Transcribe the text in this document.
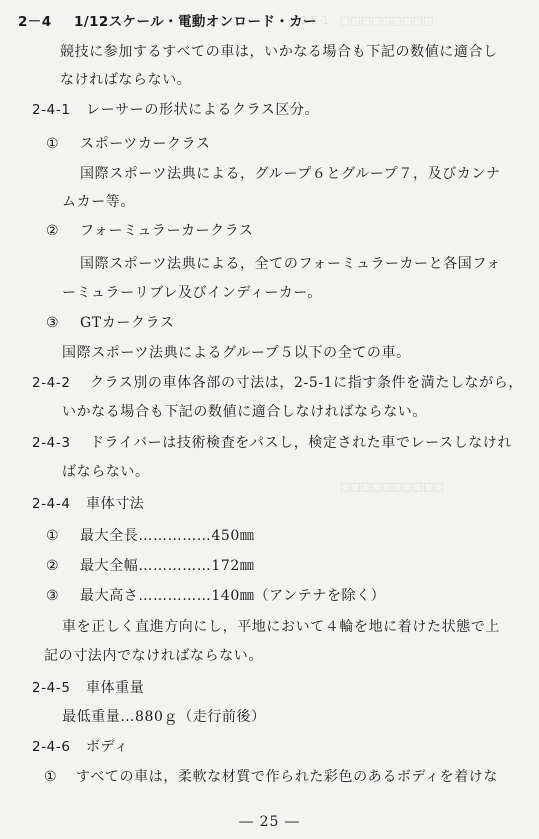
2-5-1　□□□□□□□□□
□□□□□□□□□□
2－4 1/12スケール・電動オンロード・カー
競技に参加するすべての車は，いかなる場合も下記の数値に適合し
なければならない。
2-4-1 レーサーの形状によるクラス区分。
① スポーツカークラス
国際スポーツ法典による，グループ６とグループ７，及びカンナ
ムカー等。
② フォーミュラーカークラス
国際スポーツ法典による，全てのフォーミュラーカーと各国フォ
ーミュラーリブレ及びインディーカー。
③ GTカークラス
国際スポーツ法典によるグループ５以下の全ての車。
2-4-2 クラス別の車体各部の寸法は，2-5-1に指す条件を満たしながら，
いかなる場合も下記の数値に適合しなければならない。
2-4-3 ドライバーは技術検査をパスし，検定された車でレースしなけれ
ばならない。
2-4-4 車体寸法
① 最大全長……………450㎜
② 最大全幅……………172㎜
③ 最大高さ……………140㎜（アンテナを除く）
車を正しく直進方向にし，平地において４輪を地に着けた状態で上
記の寸法内でなければならない。
2-4-5 車体重量
最低重量…880ｇ（走行前後）
2-4-6 ボディ
① すべての車は，柔軟な材質で作られた彩色のあるボディを着けな
― 25 ―
